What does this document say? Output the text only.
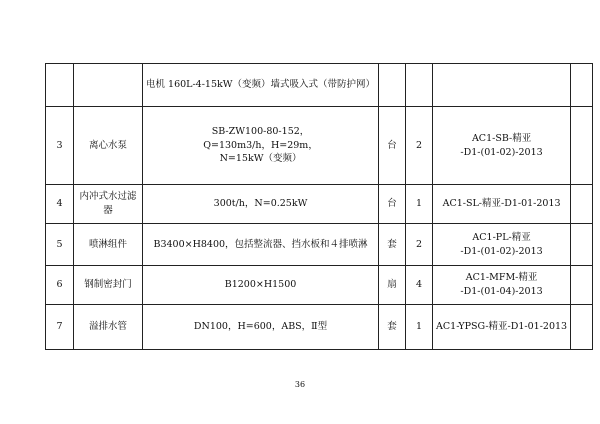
		电机 160L-4-15kW（变频）墙式吸入式（带防护网）				

3	离心水泵	SB-ZW100-80-152，
Q=130m3/h，H=29m，
N=15kW（变频）	台	2	AC1-SB-精亚
-D1-(01-02)-2013	

4	内冲式水过滤器	300t/h，N=0.25kW	台	1	AC1-SL-精亚-D1-01-2013	

5	喷淋组件	B3400×H8400，包括整流器、挡水板和４排喷淋	套	2	AC1-PL-精亚
-D1-(01-02)-2013	

6	钢制密封门	B1200×H1500	扇	4	AC1-MFM-精亚
-D1-(01-04)-2013	

7	溢排水管	DN100，H=600，ABS，Ⅱ型	套	1	AC1-YPSG-精亚-D1-01-2013	

36
